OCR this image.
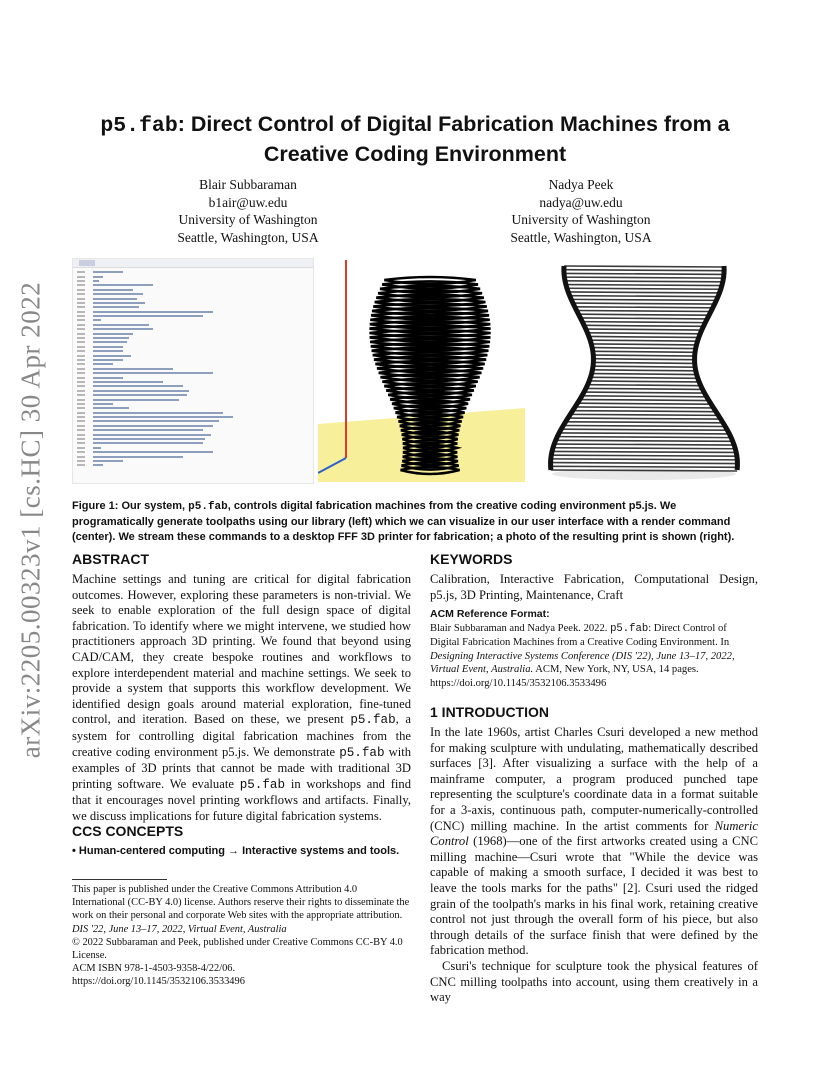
arXiv:2205.00323v1 [cs.HC] 30 Apr 2022
p5.fab: Direct Control of Digital Fabrication Machines from a
Creative Coding Environment
Blair Subbaraman
b1air@uw.edu
University of Washington
Seattle, Washington, USA
Nadya Peek
nadya@uw.edu
University of Washington
Seattle, Washington, USA
Figure 1: Our system, p5.fab, controls digital fabrication machines from the creative coding environment p5.js. We programatically generate toolpaths using our library (left) which we can visualize in our user interface with a render command (center). We stream these commands to a desktop FFF 3D printer for fabrication; a photo of the resulting print is shown (right).
ABSTRACT
Machine settings and tuning are critical for digital fabrication outcomes. However, exploring these parameters is non-trivial. We seek to enable exploration of the full design space of digital fabrication. To identify where we might intervene, we studied how practitioners approach 3D printing. We found that beyond using CAD/CAM, they create bespoke routines and workflows to explore interdependent material and machine settings. We seek to provide a system that supports this workflow development. We identified design goals around material exploration, fine-tuned control, and iteration. Based on these, we present p5.fab, a system for controlling digital fabrication machines from the creative coding environment p5.js. We demonstrate p5.fab with examples of 3D prints that cannot be made with traditional 3D printing software. We evaluate p5.fab in workshops and find that it encourages novel printing workflows and artifacts. Finally, we discuss implications for future digital fabrication systems.
CCS CONCEPTS
• Human-centered computing → Interactive systems and tools.
This paper is published under the Creative Commons Attribution 4.0 International (CC-BY 4.0) license. Authors reserve their rights to disseminate the work on their personal and corporate Web sites with the appropriate attribution.
DIS '22, June 13–17, 2022, Virtual Event, Australia
© 2022 Subbaraman and Peek, published under Creative Commons CC-BY 4.0 License.
ACM ISBN 978-1-4503-9358-4/22/06.
https://doi.org/10.1145/3532106.3533496
KEYWORDS
Calibration, Interactive Fabrication, Computational Design, p5.js, 3D Printing, Maintenance, Craft
ACM Reference Format:
Blair Subbaraman and Nadya Peek. 2022. p5.fab: Direct Control of Digital Fabrication Machines from a Creative Coding Environment. In Designing Interactive Systems Conference (DIS '22), June 13–17, 2022, Virtual Event, Australia. ACM, New York, NY, USA, 14 pages. https://doi.org/10.1145/3532106.3533496
1 INTRODUCTION
In the late 1960s, artist Charles Csuri developed a new method for making sculpture with undulating, mathematically described surfaces [3]. After visualizing a surface with the help of a mainframe computer, a program produced punched tape representing the sculpture's coordinate data in a format suitable for a 3-axis, continuous path, computer-numerically-controlled (CNC) milling machine. In the artist comments for Numeric Control (1968)—one of the first artworks created using a CNC milling machine—Csuri wrote that "While the device was capable of making a smooth surface, I decided it was best to leave the tools marks for the paths" [2]. Csuri used the ridged grain of the toolpath's marks in his final work, retaining creative control not just through the overall form of his piece, but also through details of the surface finish that were defined by the fabrication method.
Csuri's technique for sculpture took the physical features of CNC milling toolpaths into account, using them creatively in a way
